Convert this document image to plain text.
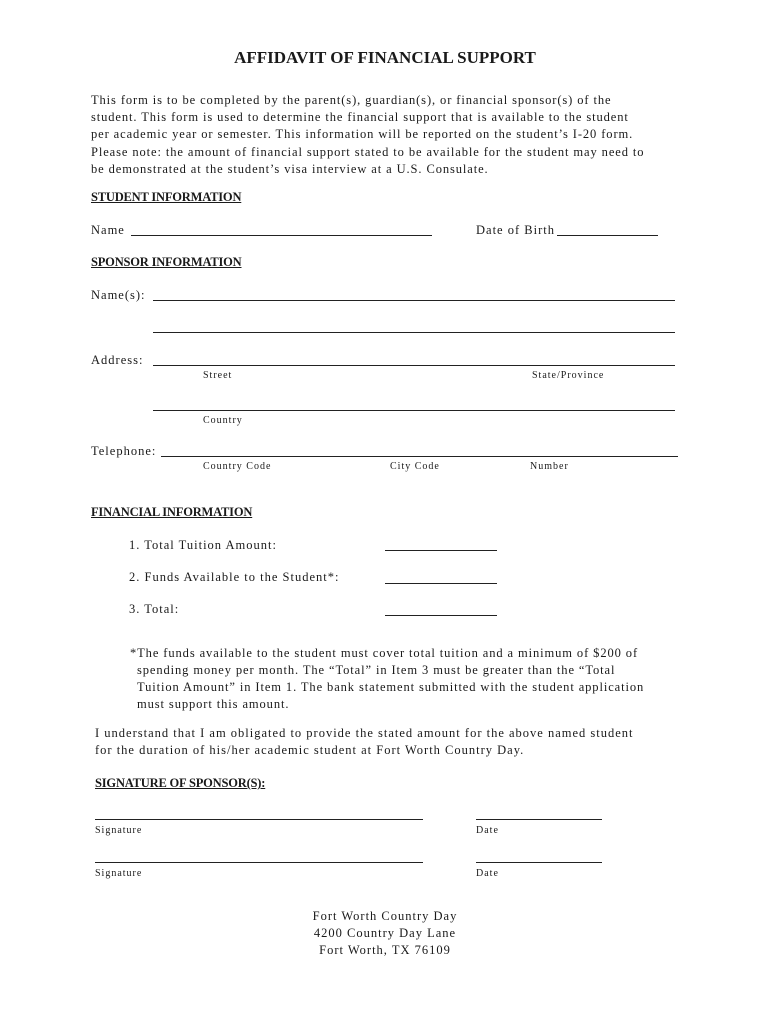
AFFIDAVIT OF FINANCIAL SUPPORT
This form is to be completed by the parent(s), guardian(s), or financial sponsor(s) of the
student. This form is used to determine the financial support that is available to the student
per academic year or semester. This information will be reported on the student’s I-20 form.
Please note: the amount of financial support stated to be available for the student may need to
be demonstrated at the student’s visa interview at a U.S. Consulate.
STUDENT INFORMATION
Name	Date of Birth
SPONSOR INFORMATION
Name(s):
Address:
Street	State/Province
Country
Telephone:
Country Code	City Code	Number
FINANCIAL INFORMATION
1. Total Tuition Amount:
2. Funds Available to the Student*:
3. Total:
*The funds available to the student must cover total tuition and a minimum of $200 of
spending money per month. The “Total” in Item 3 must be greater than the “Total
Tuition Amount” in Item 1. The bank statement submitted with the student application
must support this amount.
I understand that I am obligated to provide the stated amount for the above named student
for the duration of his/her academic student at Fort Worth Country Day.
SIGNATURE OF SPONSOR(S):
Signature	Date
Signature	Date
Fort Worth Country Day
4200 Country Day Lane
Fort Worth, TX 76109
